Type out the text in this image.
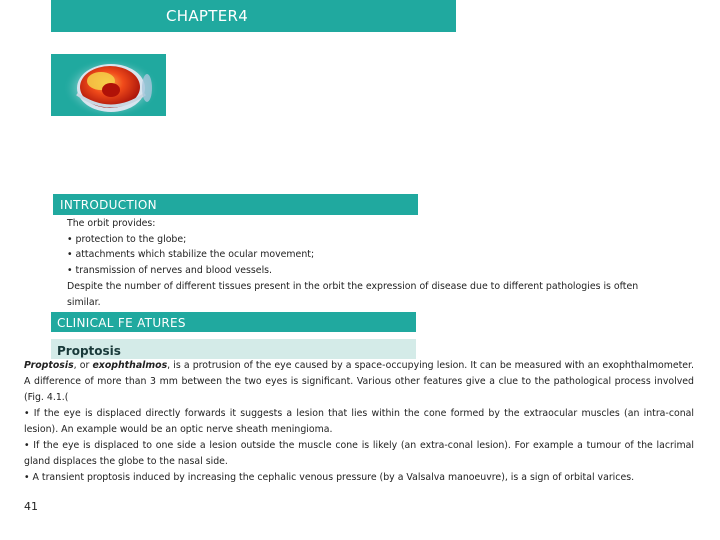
CHAPTER4
INTRODUCTION
The orbit provides:
• protection to the globe;
• attachments which stabilize the ocular movement;
• transmission of nerves and blood vessels.
Despite the number of different tissues present in the orbit the expression of disease due to different pathologies is often
similar.
CLINICAL FE ATURES
Proptosis

Proptosis, or exophthalmos, is a protrusion of the eye caused by a space-occupying lesion. It can be measured with an exophthalmometer. A difference of more than 3 mm between the two eyes is significant. Various other features give a clue to the pathological process involved (Fig. 4.1.(

• If the eye is displaced directly forwards it suggests a lesion that lies within the cone formed by the extraocular muscles (an intra-conal lesion). An example would be an optic nerve sheath meningioma.

• If the eye is displaced to one side a lesion outside the muscle cone is likely (an extra-conal lesion). For example a tumour of the lacrimal gland displaces the globe to the nasal side.

• A transient proptosis induced by increasing the cephalic venous pressure (by a Valsalva manoeuvre), is a sign of orbital varices.

41
